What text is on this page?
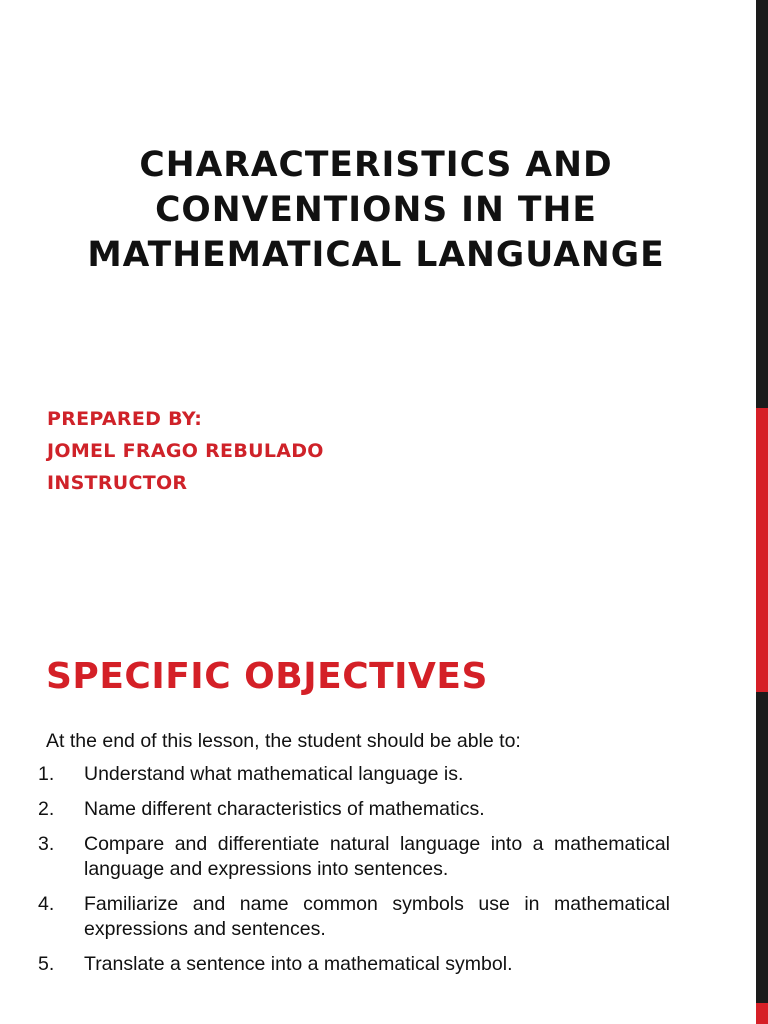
CHARACTERISTICS AND
CONVENTIONS IN THE
MATHEMATICAL LANGUANGE
PREPARED BY:
JOMEL FRAGO REBULADO
INSTRUCTOR
SPECIFIC OBJECTIVES

At the end of this lesson, the student should be able to:

1. Understand what mathematical language is.
2. Name different characteristics of mathematics.
3. Compare and differentiate natural language into a mathematical language and expressions into sentences.
4. Familiarize and name common symbols use in mathematical expressions and sentences.
5. Translate a sentence into a mathematical symbol.
